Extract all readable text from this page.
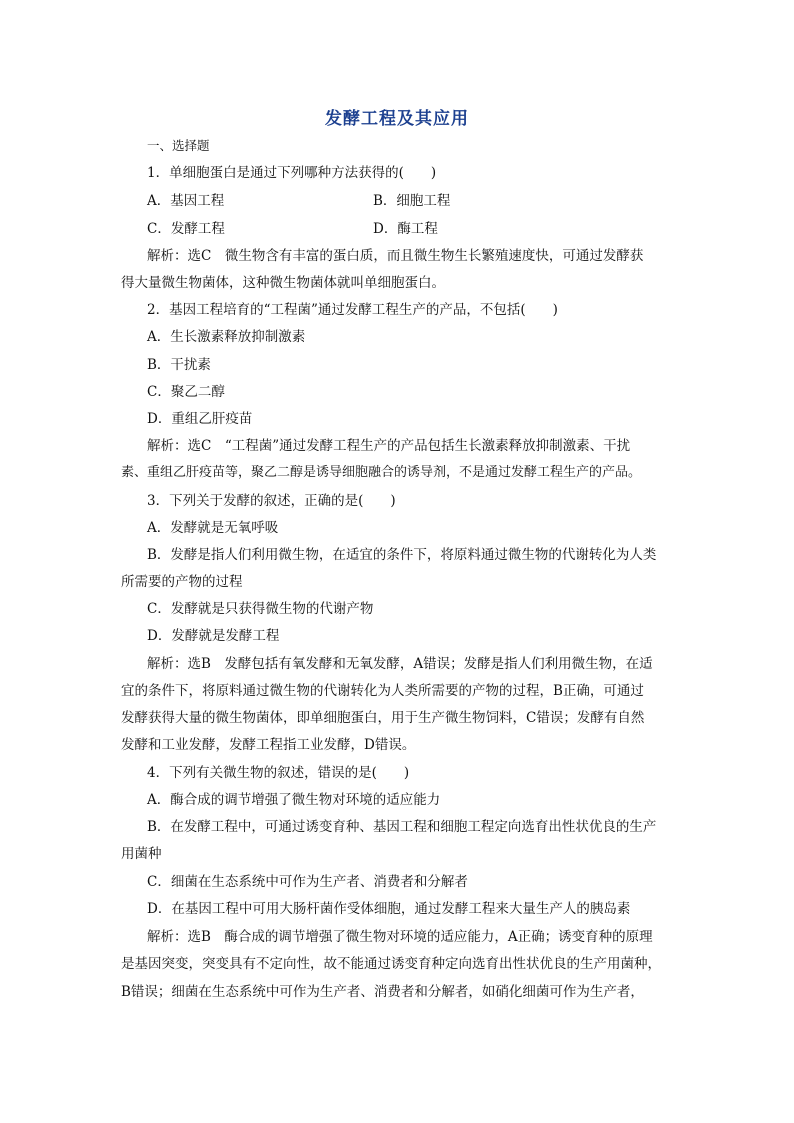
发酵工程及其应用
一、选择题
1．单细胞蛋白是通过下列哪种方法获得的(　　)
A．基因工程	B．细胞工程
C．发酵工程	D．酶工程
解析：选C　微生物含有丰富的蛋白质，而且微生物生长繁殖速度快，可通过发酵获
得大量微生物菌体，这种微生物菌体就叫单细胞蛋白。
2．基因工程培育的“工程菌”通过发酵工程生产的产品，不包括(　　)
A．生长激素释放抑制激素
B．干扰素
C．聚乙二醇
D．重组乙肝疫苗
解析：选C　“工程菌”通过发酵工程生产的产品包括生长激素释放抑制激素、干扰
素、重组乙肝疫苗等，聚乙二醇是诱导细胞融合的诱导剂，不是通过发酵工程生产的产品。
3．下列关于发酵的叙述，正确的是(　　)
A．发酵就是无氧呼吸
B．发酵是指人们利用微生物，在适宜的条件下，将原料通过微生物的代谢转化为人类
所需要的产物的过程
C．发酵就是只获得微生物的代谢产物
D．发酵就是发酵工程
解析：选B　发酵包括有氧发酵和无氧发酵，A错误；发酵是指人们利用微生物，在适
宜的条件下，将原料通过微生物的代谢转化为人类所需要的产物的过程，B正确，可通过
发酵获得大量的微生物菌体，即单细胞蛋白，用于生产微生物饲料，C错误；发酵有自然
发酵和工业发酵，发酵工程指工业发酵，D错误。
4．下列有关微生物的叙述，错误的是(　　)
A．酶合成的调节增强了微生物对环境的适应能力
B．在发酵工程中，可通过诱变育种、基因工程和细胞工程定向选育出性状优良的生产
用菌种
C．细菌在生态系统中可作为生产者、消费者和分解者
D．在基因工程中可用大肠杆菌作受体细胞，通过发酵工程来大量生产人的胰岛素
解析：选B　酶合成的调节增强了微生物对环境的适应能力，A正确；诱变育种的原理
是基因突变，突变具有不定向性，故不能通过诱变育种定向选育出性状优良的生产用菌种，
B错误；细菌在生态系统中可作为生产者、消费者和分解者，如硝化细菌可作为生产者，
